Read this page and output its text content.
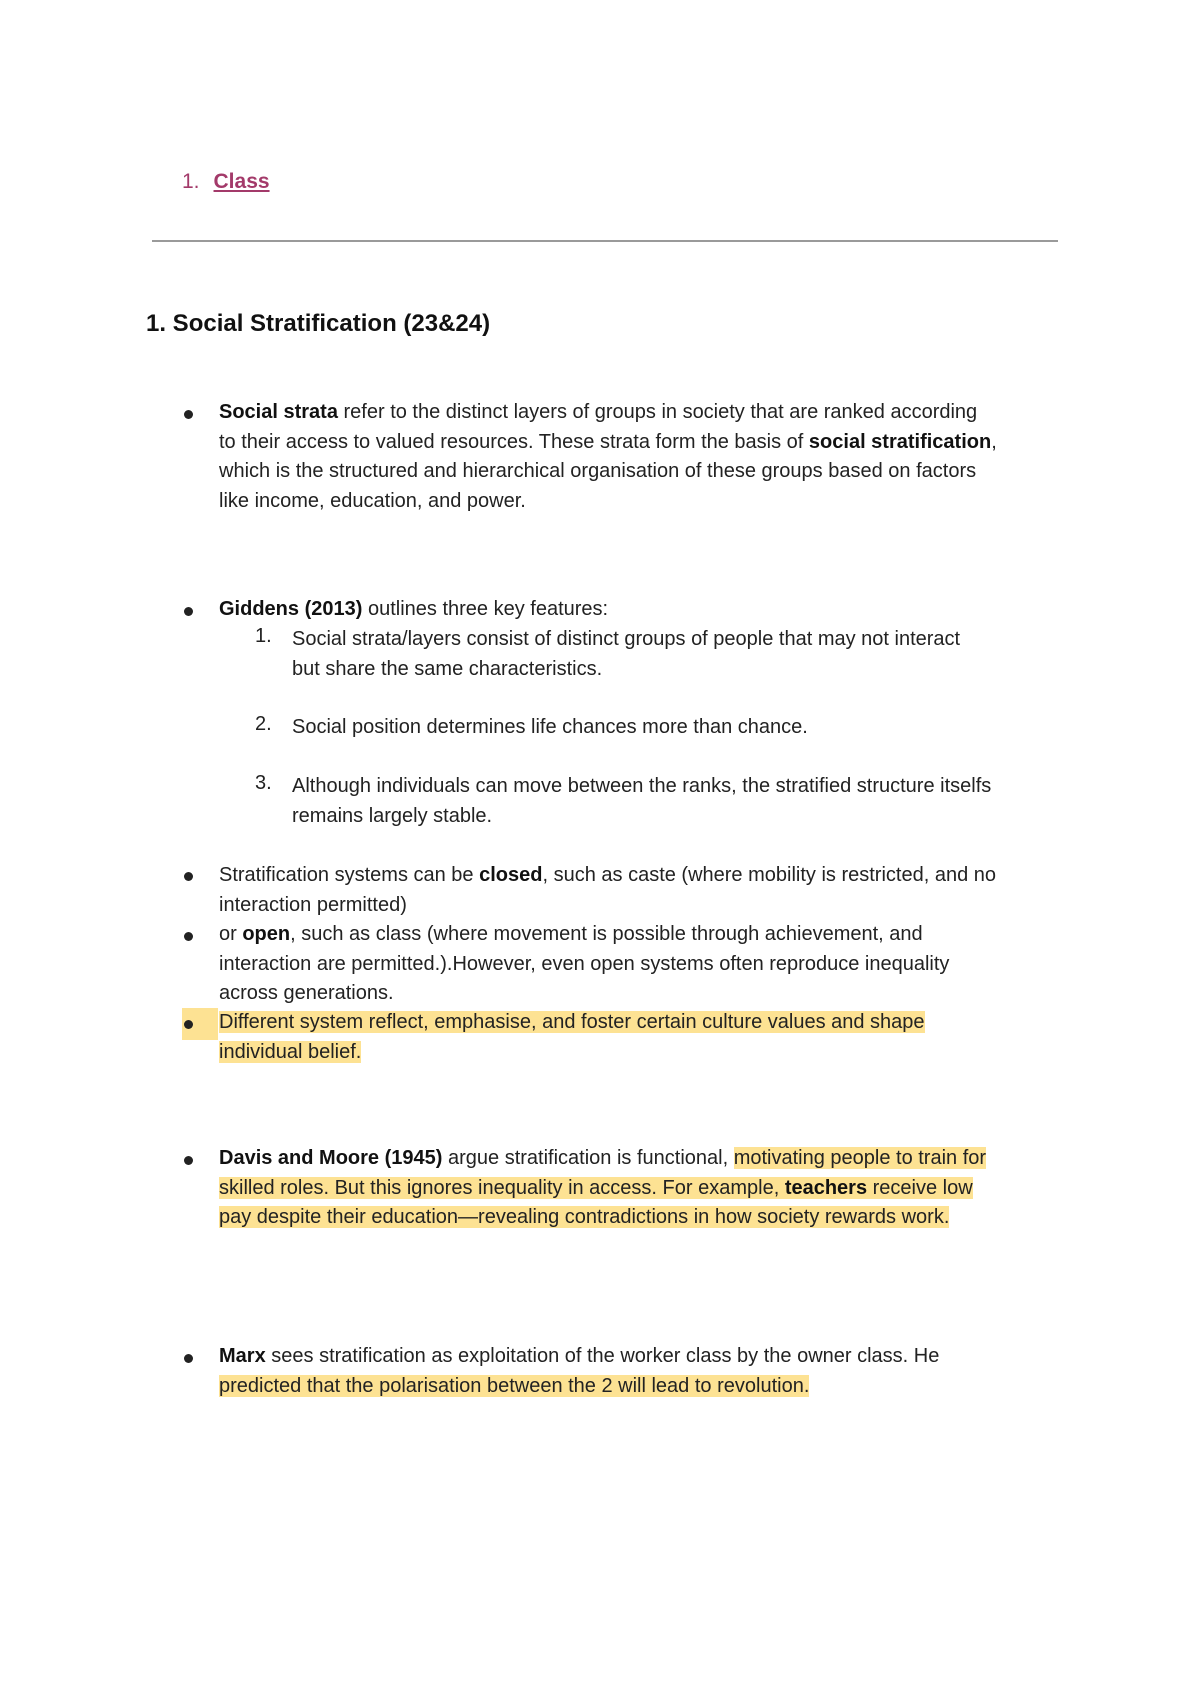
1. Class
1. Social Stratification (23&24)
Social strata refer to the distinct layers of groups in society that are ranked according to their access to valued resources. These strata form the basis of social stratification, which is the structured and hierarchical organisation of these groups based on factors like income, education, and power.
Giddens (2013) outlines three key features:
1. Social strata/layers consist of distinct groups of people that may not interact but share the same characteristics.
2. Social position determines life chances more than chance.
3. Although individuals can move between the ranks, the stratified structure itselfs remains largely stable.
Stratification systems can be closed, such as caste (where mobility is restricted, and no interaction permitted)
or open, such as class (where movement is possible through achievement, and interaction are permitted.).However, even open systems often reproduce inequality across generations.
Different system reflect, emphasise, and foster certain culture values and shape individual belief.
Davis and Moore (1945) argue stratification is functional, motivating people to train for skilled roles. But this ignores inequality in access. For example, teachers receive low pay despite their education—revealing contradictions in how society rewards work.
Marx sees stratification as exploitation of the worker class by the owner class. He predicted that the polarisation between the 2 will lead to revolution.
